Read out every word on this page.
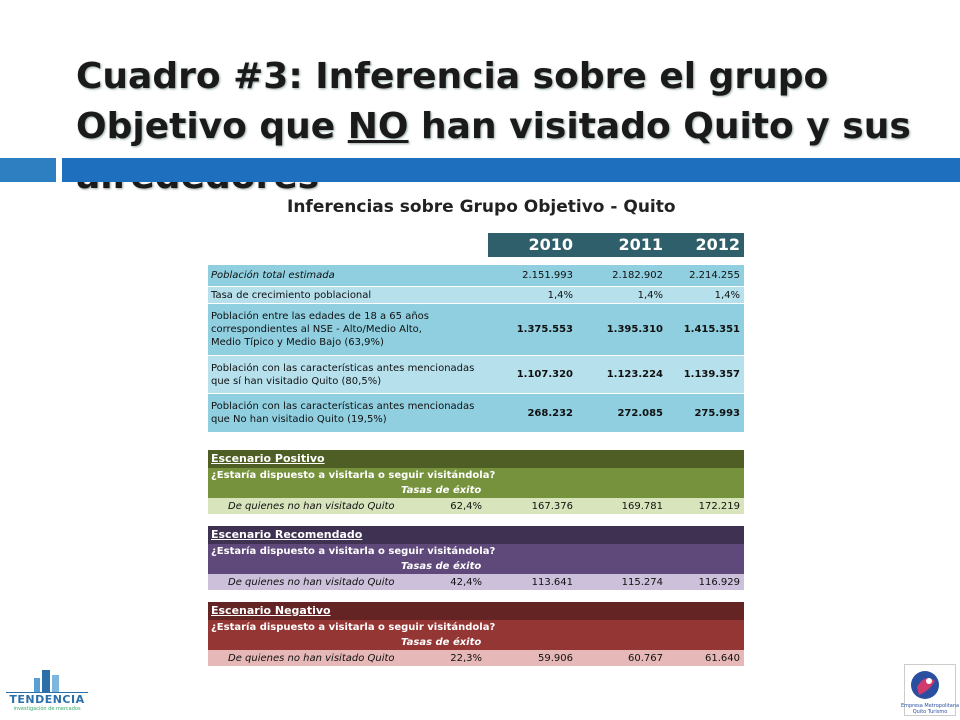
Cuadro #3: Inferencia sobre el grupo Objetivo que NO han visitado Quito y sus
Inferencias sobre Grupo Objetivo - Quito
2010	2011	2012
Población total estimada	2.151.993	2.182.902	2.214.255
Tasa de crecimiento poblacional	1,4%	1,4%	1,4%
Población entre las edades de 18 a 65 años
correspondientes al NSE - Alto/Medio Alto,
Medio Típico y Medio Bajo (63,9%)
1.375.553	1.395.310	1.415.351
Población con las características antes mencionadas
que sí han visitadio Quito (80,5%)
1.107.320	1.123.224	1.139.357
Población con las características antes mencionadas
que No han visitadio Quito (19,5%)
268.232	272.085	275.993
Escenario Positivo
¿Estaría dispuesto a visitarla o seguir visitándola?
Tasas de éxito
De quienes no han visitado Quito	62,4%	167.376	169.781	172.219
Escenario Recomendado
¿Estaría dispuesto a visitarla o seguir visitándola?
Tasas de éxito
De quienes no han visitado Quito	42,4%	113.641	115.274	116.929
Escenario Negativo
¿Estaría dispuesto a visitarla o seguir visitándola?
Tasas de éxito
De quienes no han visitado Quito	22,3%	59.906	60.767	61.640
TENDENCIA
investigación de mercados	Empresa Metropolitana
Quito Turismo
